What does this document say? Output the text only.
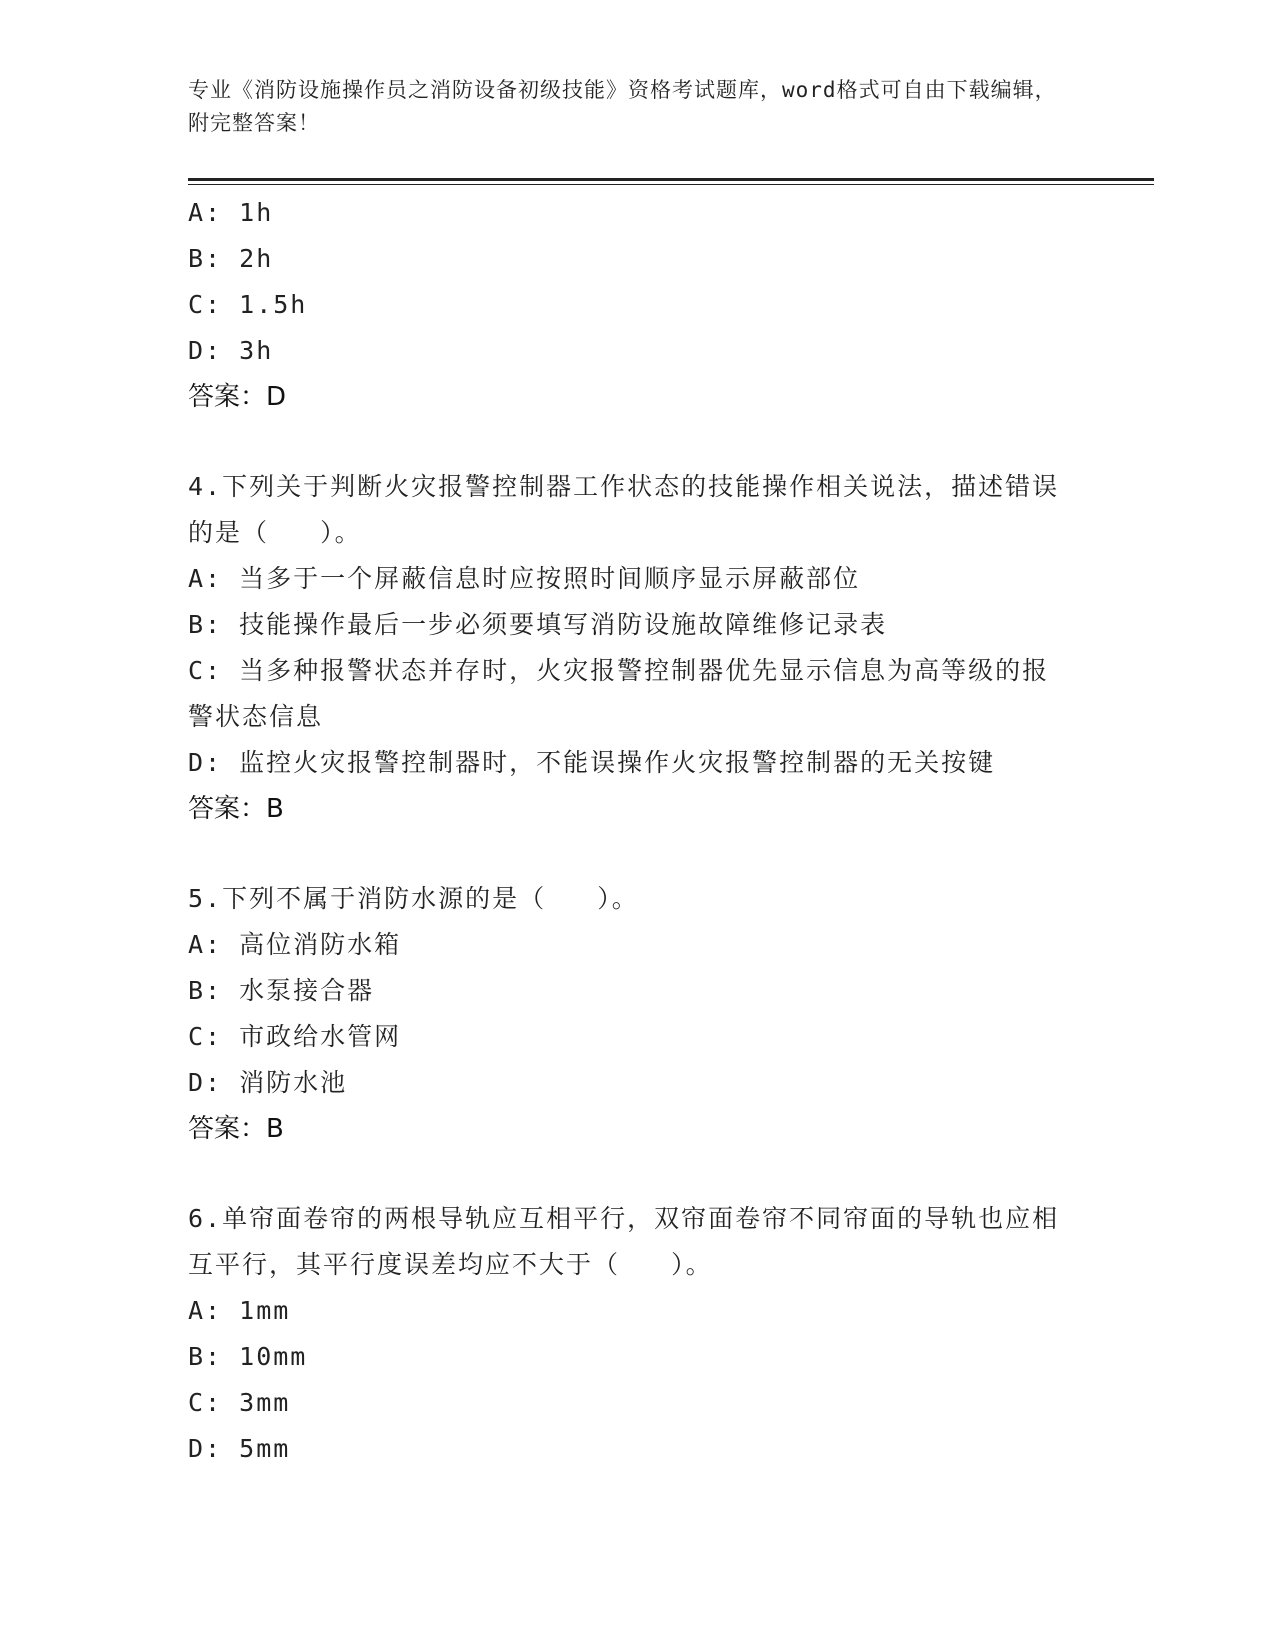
专业《消防设施操作员之消防设备初级技能》资格考试题库，word格式可自由下载编辑，附完整答案！
A: 1h
B: 2h
C: 1.5h
D: 3h
答案：D
4.下列关于判断火灾报警控制器工作状态的技能操作相关说法，描述错误的是（   ）。
A: 当多于一个屏蔽信息时应按照时间顺序显示屏蔽部位
B: 技能操作最后一步必须要填写消防设施故障维修记录表
C: 当多种报警状态并存时，火灾报警控制器优先显示信息为高等级的报警状态信息
D: 监控火灾报警控制器时，不能误操作火灾报警控制器的无关按键
答案：B
5.下列不属于消防水源的是（   ）。
A: 高位消防水箱
B: 水泵接合器
C: 市政给水管网
D: 消防水池
答案：B
6.单帘面卷帘的两根导轨应互相平行，双帘面卷帘不同帘面的导轨也应相互平行，其平行度误差均应不大于（   ）。
A: 1mm
B: 10mm
C: 3mm
D: 5mm
